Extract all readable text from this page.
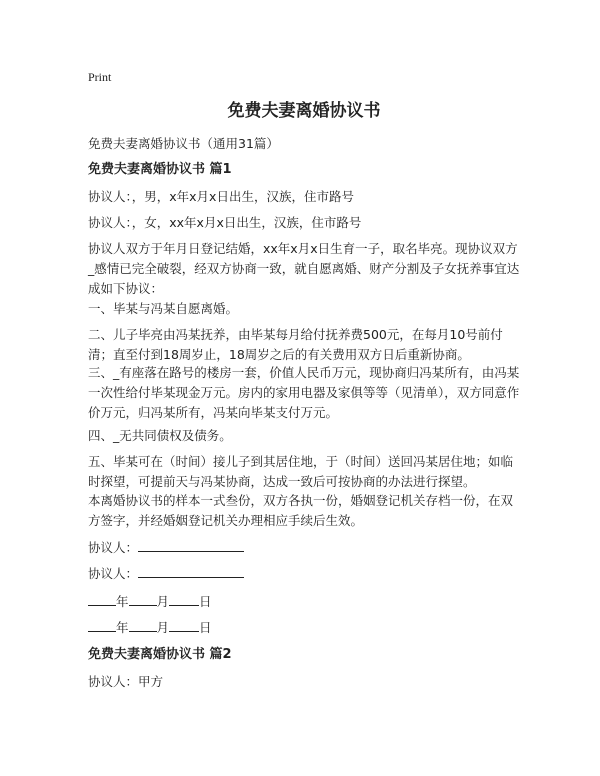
Print
免费夫妻离婚协议书

免费夫妻离婚协议书（通用31篇）

免费夫妻离婚协议书 篇1

协议人：，男，x年x月x日出生，汉族，住市路号

协议人：，女，xx年x月x日出生，汉族，住市路号

协议人双方于年月日登记结婚，xx年x月x日生育一子，取名毕亮。现协议双方_感情已完全破裂，经双方协商一致，就自愿离婚、财产分割及子女抚养事宜达成如下协议：

一、毕某与冯某自愿离婚。

二、儿子毕亮由冯某抚养，由毕某每月给付抚养费500元，在每月10号前付清；直至付到18周岁止，18周岁之后的有关费用双方日后重新协商。

三、_有座落在路号的楼房一套，价值人民币万元，现协商归冯某所有，由冯某一次性给付毕某现金万元。房内的家用电器及家俱等等（见清单），双方同意作价万元，归冯某所有，冯某向毕某支付万元。

四、_无共同债权及债务。

五、毕某可在（时间）接儿子到其居住地，于（时间）送回冯某居住地；如临时探望，可提前天与冯某协商，达成一致后可按协商的办法进行探望。

本离婚协议书的样本一式叁份，双方各执一份，婚姻登记机关存档一份，在双方签字，并经婚姻登记机关办理相应手续后生效。

协议人：

协议人：

年 月 日

年 月 日

免费夫妻离婚协议书 篇2

协议人：甲方
